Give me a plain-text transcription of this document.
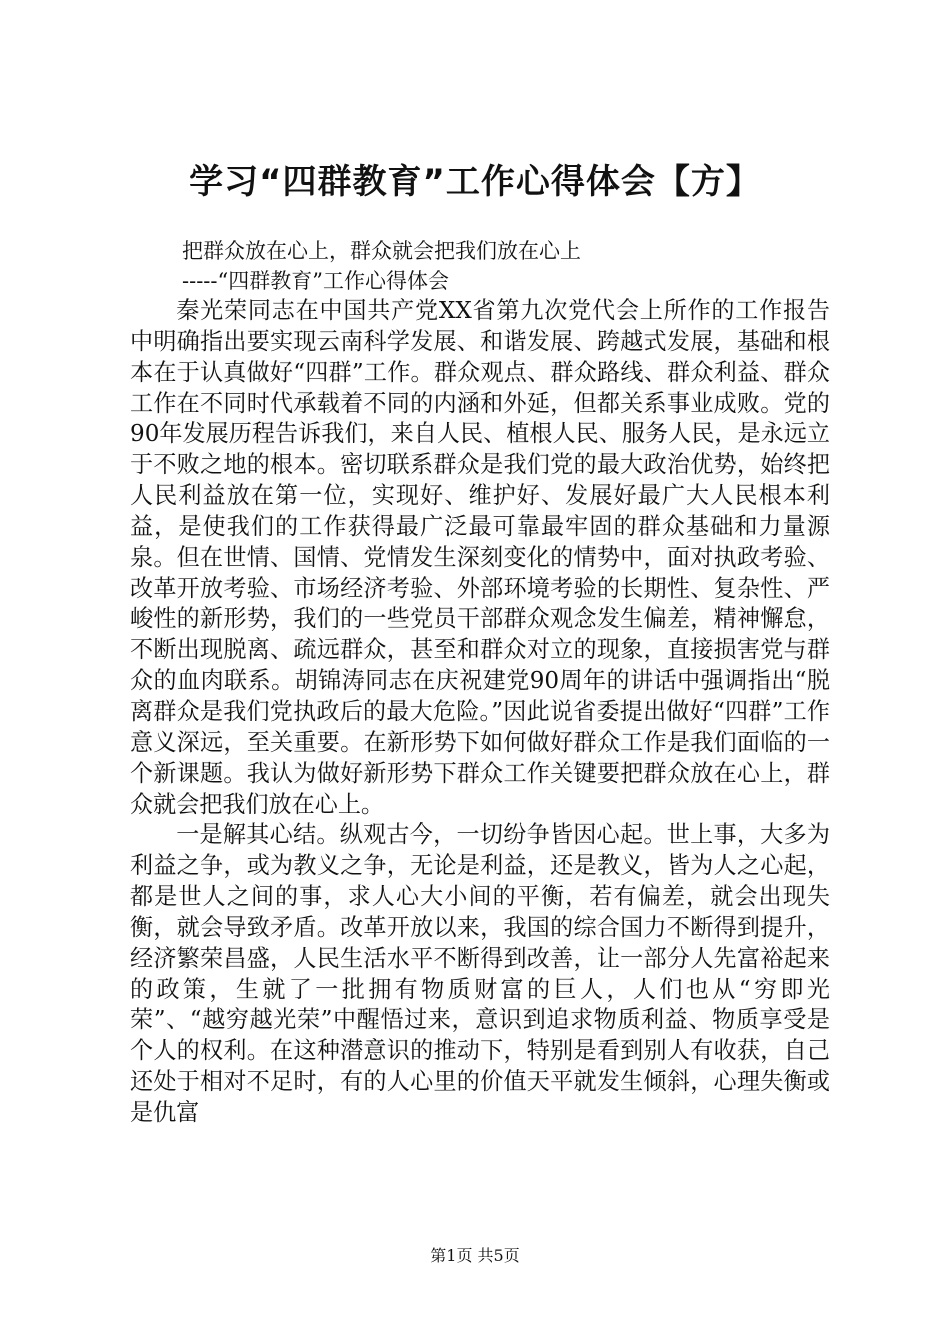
学习“四群教育”工作心得体会【方】

把群众放在心上，群众就会把我们放在心上

-----“四群教育”工作心得体会

秦光荣同志在中国共产党XX省第九次党代会上所作的工作报告中明确指出要实现云南科学发展、和谐发展、跨越式发展，基础和根本在于认真做好“四群”工作。群众观点、群众路线、群众利益、群众工作在不同时代承载着不同的内涵和外延，但都关系事业成败。党的90年发展历程告诉我们，来自人民、植根人民、服务人民，是永远立于不败之地的根本。密切联系群众是我们党的最大政治优势，始终把人民利益放在第一位，实现好、维护好、发展好最广大人民根本利益，是使我们的工作获得最广泛最可靠最牢固的群众基础和力量源泉。但在世情、国情、党情发生深刻变化的情势中，面对执政考验、改革开放考验、市场经济考验、外部环境考验的长期性、复杂性、严峻性的新形势，我们的一些党员干部群众观念发生偏差，精神懈怠，不断出现脱离、疏远群众，甚至和群众对立的现象，直接损害党与群众的血肉联系。胡锦涛同志在庆祝建党90周年的讲话中强调指出“脱离群众是我们党执政后的最大危险。”因此说省委提出做好“四群”工作意义深远，至关重要。在新形势下如何做好群众工作是我们面临的一个新课题。我认为做好新形势下群众工作关键要把群众放在心上，群众就会把我们放在心上。

一是解其心结。纵观古今，一切纷争皆因心起。世上事，大多为利益之争，或为教义之争，无论是利益，还是教义，皆为人之心起，都是世人之间的事，求人心大小间的平衡，若有偏差，就会出现失衡，就会导致矛盾。改革开放以来，我国的综合国力不断得到提升，经济繁荣昌盛，人民生活水平不断得到改善，让一部分人先富裕起来的政策，生就了一批拥有物质财富的巨人，人们也从“穷即光荣”、“越穷越光荣”中醒悟过来，意识到追求物质利益、物质享受是个人的权利。在这种潜意识的推动下，特别是看到别人有收获，自己还处于相对不足时，有的人心里的价值天平就发生倾斜，心理失衡或是仇富

第1页 共5页
